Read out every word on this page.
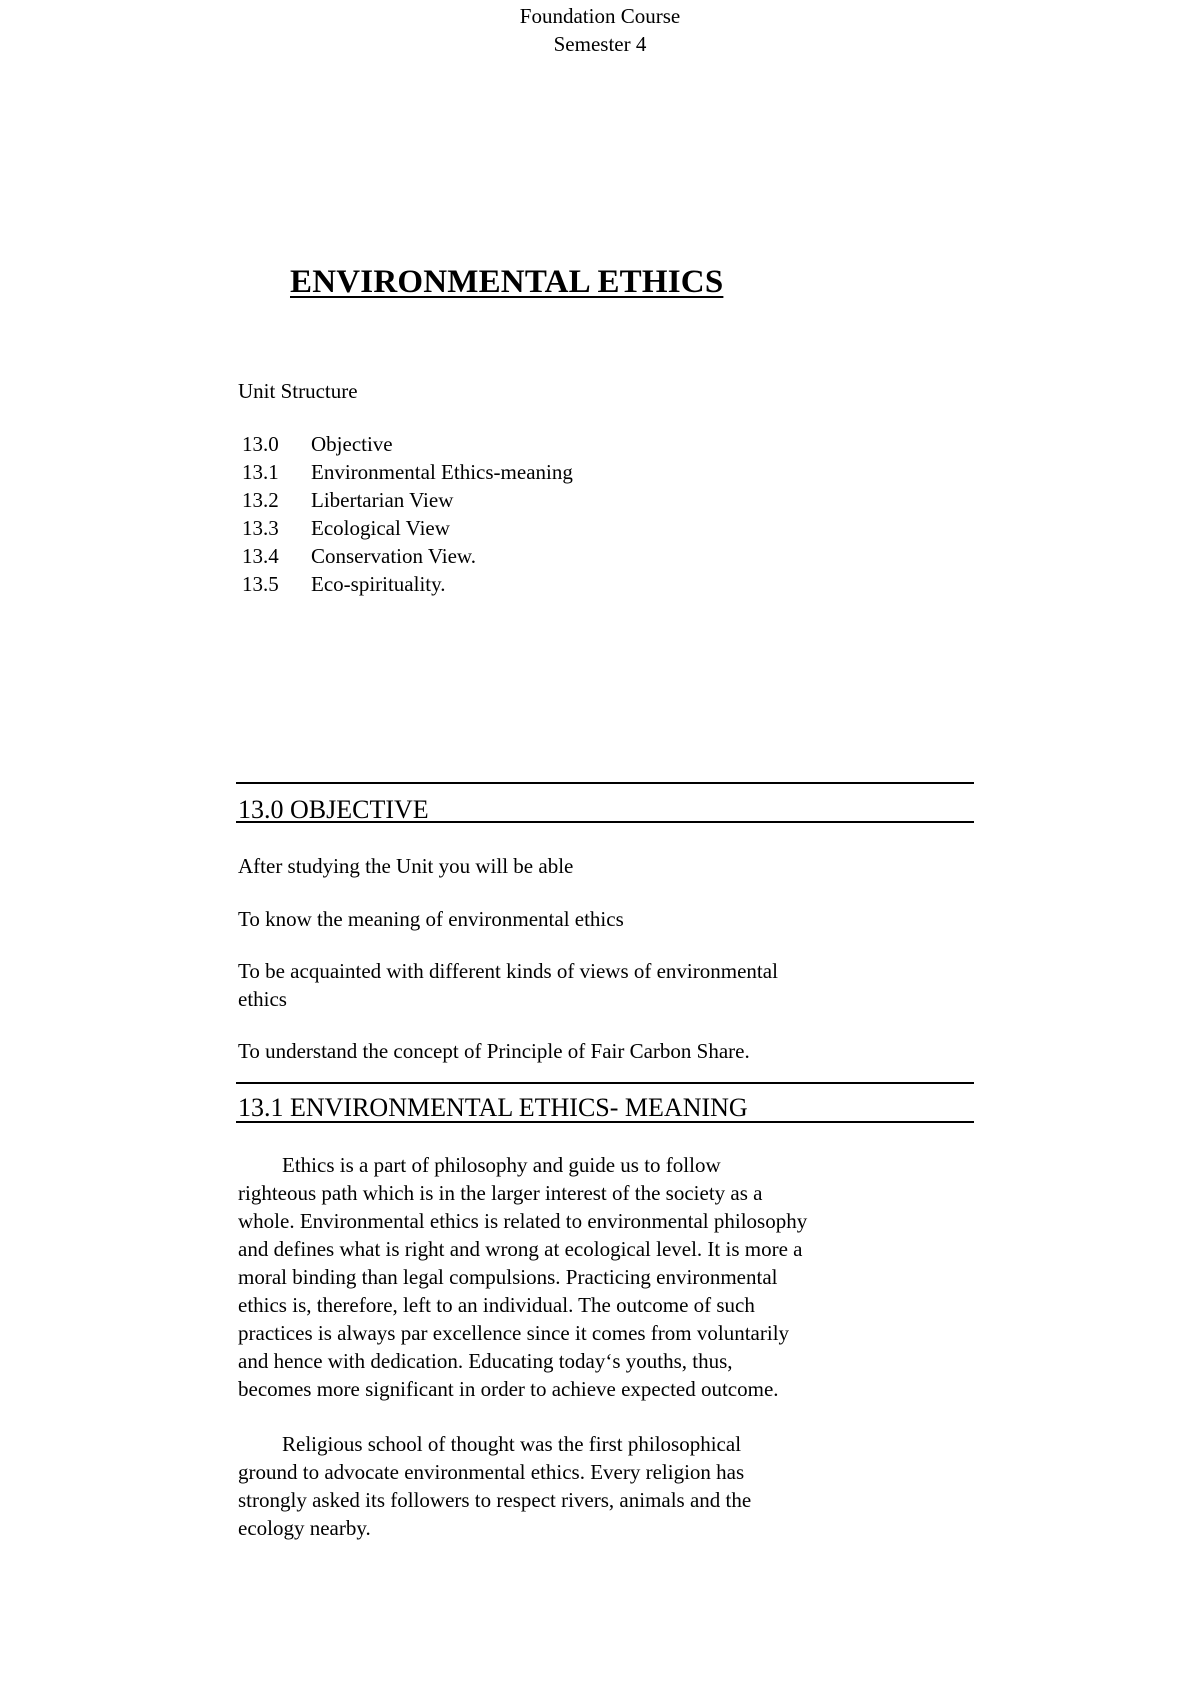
Foundation Course
Semester 4
ENVIRONMENTAL ETHICS
Unit Structure
13.0	Objective
13.1	Environmental Ethics-meaning
13.2	Libertarian View
13.3	Ecological View
13.4	Conservation View.
13.5	Eco-spirituality.
13.0 OBJECTIVE
After studying the Unit you will be able
To know the meaning of environmental ethics
To be acquainted with different kinds of views of environmental
ethics
To understand the concept of Principle of Fair Carbon Share.
13.1 ENVIRONMENTAL ETHICS- MEANING
Ethics is a part of philosophy and guide us to follow
righteous path which is in the larger interest of the society as a
whole. Environmental ethics is related to environmental philosophy
and defines what is right and wrong at ecological level. It is more a
moral binding than legal compulsions. Practicing environmental
ethics is, therefore, left to an individual. The outcome of such
practices is always par excellence since it comes from voluntarily
and hence with dedication. Educating today‘s youths, thus,
becomes more significant in order to achieve expected outcome.
Religious school of thought was the first philosophical
ground to advocate environmental ethics. Every religion has
strongly asked its followers to respect rivers, animals and the
ecology nearby.
